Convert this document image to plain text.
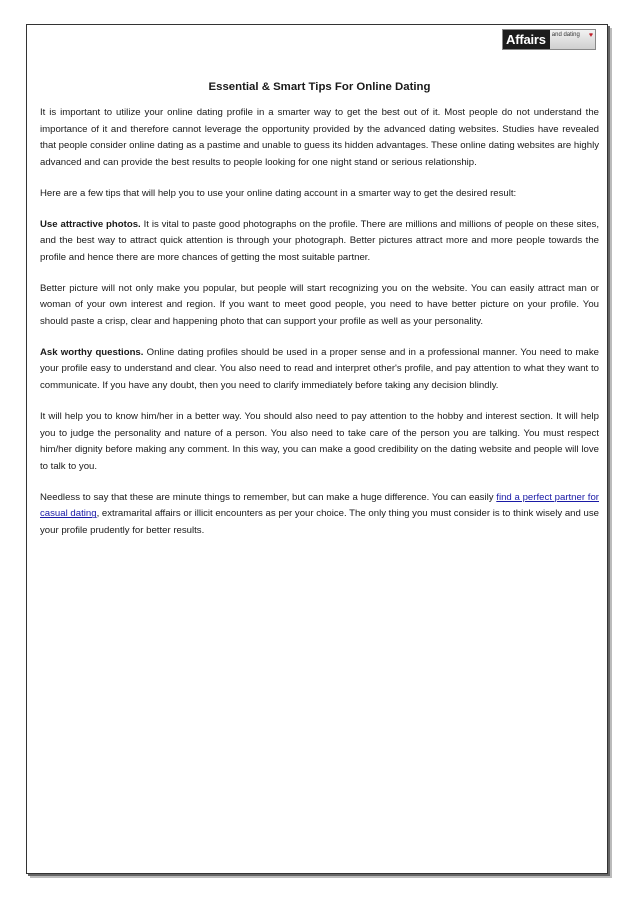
Affairs	and dating ♥
Essential & Smart Tips For Online Dating

It is important to utilize your online dating profile in a smarter way to get the best out of it. Most people do not understand the importance of it and therefore cannot leverage the opportunity provided by the advanced dating websites. Studies have revealed that people consider online dating as a pastime and unable to guess its hidden advantages. These online dating websites are highly advanced and can provide the best results to people looking for one night stand or serious relationship.

Here are a few tips that will help you to use your online dating account in a smarter way to get the desired result:

Use attractive photos. It is vital to paste good photographs on the profile. There are millions and millions of people on these sites, and the best way to attract quick attention is through your photograph. Better pictures attract more and more people towards the profile and hence there are more chances of getting the most suitable partner.

Better picture will not only make you popular, but people will start recognizing you on the website. You can easily attract man or woman of your own interest and region. If you want to meet good people, you need to have better picture on your profile. You should paste a crisp, clear and happening photo that can support your profile as well as your personality.

Ask worthy questions. Online dating profiles should be used in a proper sense and in a professional manner. You need to make your profile easy to understand and clear. You also need to read and interpret other's profile, and pay attention to what they want to communicate. If you have any doubt, then you need to clarify immediately before taking any decision blindly.

It will help you to know him/her in a better way. You should also need to pay attention to the hobby and interest section. It will help you to judge the personality and nature of a person. You also need to take care of the person you are talking. You must respect him/her dignity before making any comment. In this way, you can make a good credibility on the dating website and people will love to talk to you.

Needless to say that these are minute things to remember, but can make a huge difference. You can easily find a perfect partner for casual dating, extramarital affairs or illicit encounters as per your choice. The only thing you must consider is to think wisely and use your profile prudently for better results.
